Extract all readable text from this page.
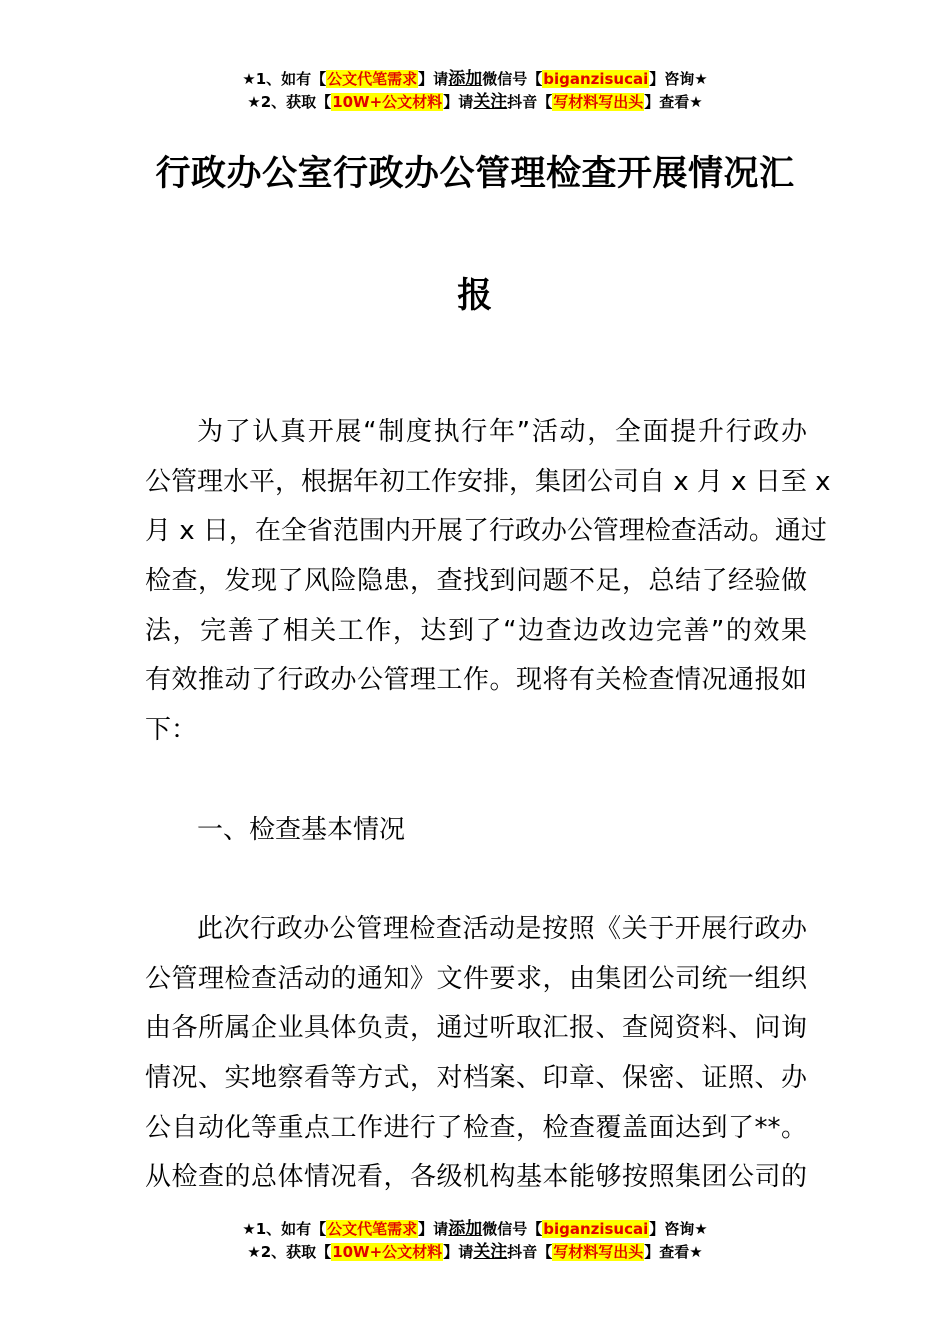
★1、如有【公文代笔需求】请添加微信号【biganzisucai】咨询★
★2、获取【10W+公文材料】请关注抖音【写材料写出头】查看★
行政办公室行政办公管理检查开展情况汇
报
为了认真开展“制度执行年”活动，全面提升行政办
公管理水平，根据年初工作安排，集团公司自 x 月 x 日至 x
月 x 日，在全省范围内开展了行政办公管理检查活动。通过
检查，发现了风险隐患，查找到问题不足，总结了经验做
法，完善了相关工作，达到了“边查边改边完善”的效果
有效推动了行政办公管理工作。现将有关检查情况通报如
下：
一、检查基本情况
此次行政办公管理检查活动是按照《关于开展行政办
公管理检查活动的通知》文件要求，由集团公司统一组织
由各所属企业具体负责，通过听取汇报、查阅资料、问询
情况、实地察看等方式，对档案、印章、保密、证照、办
公自动化等重点工作进行了检查，检查覆盖面达到了**。
从检查的总体情况看，各级机构基本能够按照集团公司的
★1、如有【公文代笔需求】请添加微信号【biganzisucai】咨询★
★2、获取【10W+公文材料】请关注抖音【写材料写出头】查看★
